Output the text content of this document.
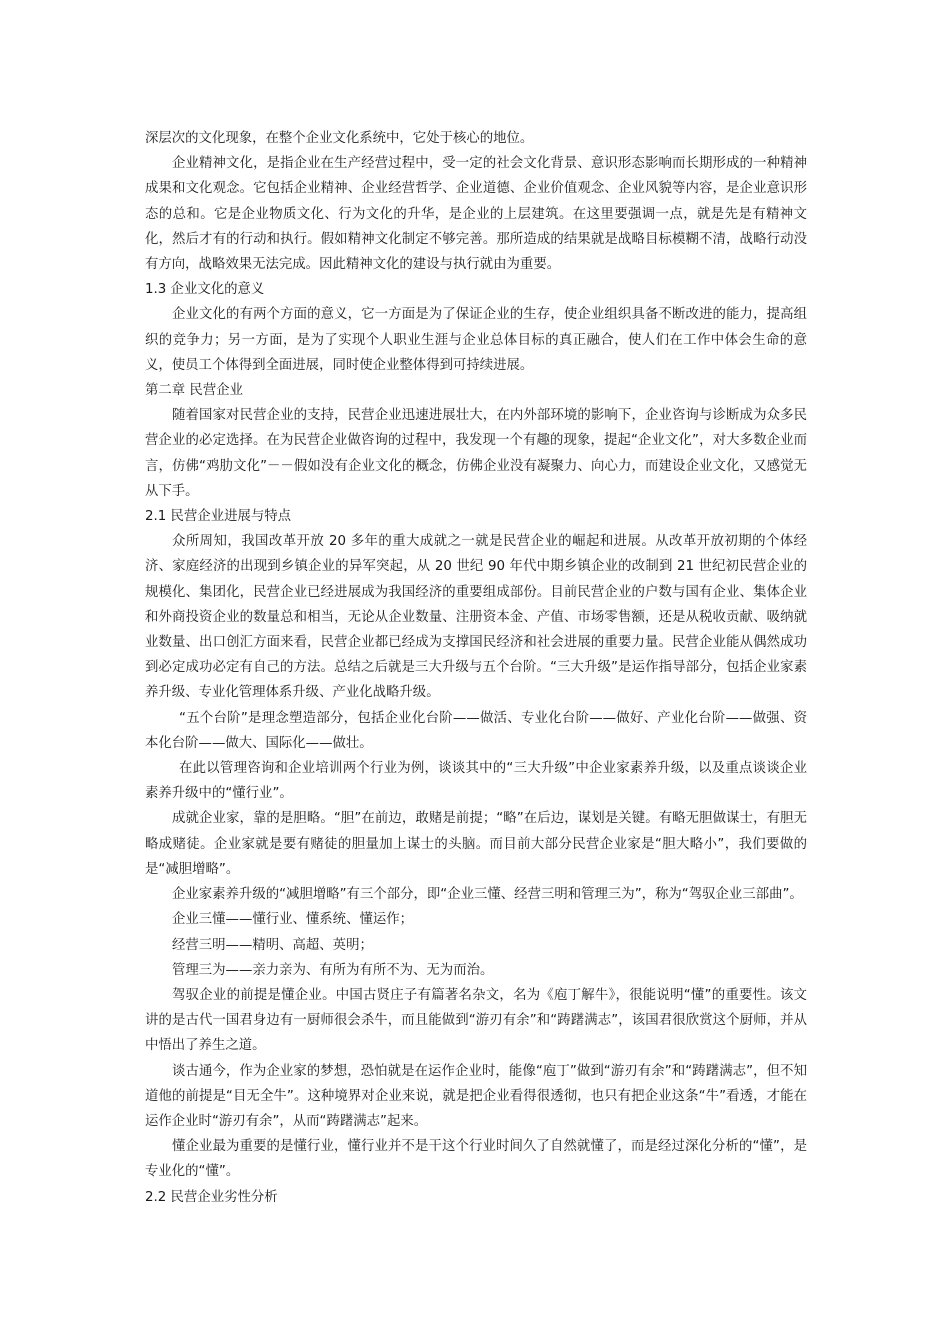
深层次的文化现象，在整个企业文化系统中，它处于核心的地位。

企业精神文化，是指企业在生产经营过程中，受一定的社会文化背景、意识形态影响而长期形成的一种精神成果和文化观念。它包括企业精神、企业经营哲学、企业道德、企业价值观念、企业风貌等内容，是企业意识形态的总和。它是企业物质文化、行为文化的升华，是企业的上层建筑。在这里要强调一点，就是先是有精神文化，然后才有的行动和执行。假如精神文化制定不够完善。那所造成的结果就是战略目标模糊不清，战略行动没有方向，战略效果无法完成。因此精神文化的建设与执行就由为重要。

1.3 企业文化的意义

企业文化的有两个方面的意义，它一方面是为了保证企业的生存，使企业组织具备不断改进的能力，提高组织的竞争力；另一方面，是为了实现个人职业生涯与企业总体目标的真正融合，使人们在工作中体会生命的意义，使员工个体得到全面进展，同时使企业整体得到可持续进展。

第二章 民营企业

随着国家对民营企业的支持，民营企业迅速进展壮大，在内外部环境的影响下，企业咨询与诊断成为众多民营企业的必定选择。在为民营企业做咨询的过程中，我发现一个有趣的现象，提起“企业文化”，对大多数企业而言，仿佛“鸡肋文化”－－假如没有企业文化的概念，仿佛企业没有凝聚力、向心力，而建设企业文化，又感觉无从下手。

2.1 民营企业进展与特点

众所周知，我国改革开放 20 多年的重大成就之一就是民营企业的崛起和进展。从改革开放初期的个体经济、家庭经济的出现到乡镇企业的异军突起，从 20 世纪 90 年代中期乡镇企业的改制到 21 世纪初民营企业的规模化、集团化，民营企业已经进展成为我国经济的重要组成部份。目前民营企业的户数与国有企业、集体企业和外商投资企业的数量总和相当，无论从企业数量、注册资本金、产值、市场零售额，还是从税收贡献、吸纳就业数量、出口创汇方面来看，民营企业都已经成为支撑国民经济和社会进展的重要力量。民营企业能从偶然成功到必定成功必定有自己的方法。总结之后就是三大升级与五个台阶。“三大升级”是运作指导部分，包括企业家素养升级、专业化管理体系升级、产业化战略升级。

“五个台阶”是理念塑造部分，包括企业化台阶——做活、专业化台阶——做好、产业化台阶——做强、资本化台阶——做大、国际化——做壮。

在此以管理咨询和企业培训两个行业为例，谈谈其中的“三大升级”中企业家素养升级，以及重点谈谈企业素养升级中的“懂行业”。

成就企业家，靠的是胆略。“胆”在前边，敢赌是前提；“略”在后边，谋划是关键。有略无胆做谋士，有胆无略成赌徒。企业家就是要有赌徒的胆量加上谋士的头脑。而目前大部分民营企业家是“胆大略小”，我们要做的是“减胆增略”。

企业家素养升级的“减胆增略”有三个部分，即“企业三懂、经营三明和管理三为”，称为“驾驭企业三部曲”。

企业三懂——懂行业、懂系统、懂运作；

经营三明——精明、高超、英明；

管理三为——亲力亲为、有所为有所不为、无为而治。

驾驭企业的前提是懂企业。中国古贤庄子有篇著名杂文，名为《庖丁解牛》，很能说明“懂”的重要性。该文讲的是古代一国君身边有一厨师很会杀牛，而且能做到“游刃有余”和“踌躇满志”，该国君很欣赏这个厨师，并从中悟出了养生之道。

谈古通今，作为企业家的梦想，恐怕就是在运作企业时，能像“庖丁”做到“游刃有余”和“踌躇满志”，但不知道他的前提是“目无全牛”。这种境界对企业来说，就是把企业看得很透彻，也只有把企业这条“牛”看透，才能在运作企业时“游刃有余”，从而“踌躇满志”起来。

懂企业最为重要的是懂行业，懂行业并不是干这个行业时间久了自然就懂了，而是经过深化分析的“懂”，是专业化的“懂”。

2.2 民营企业劣性分析
